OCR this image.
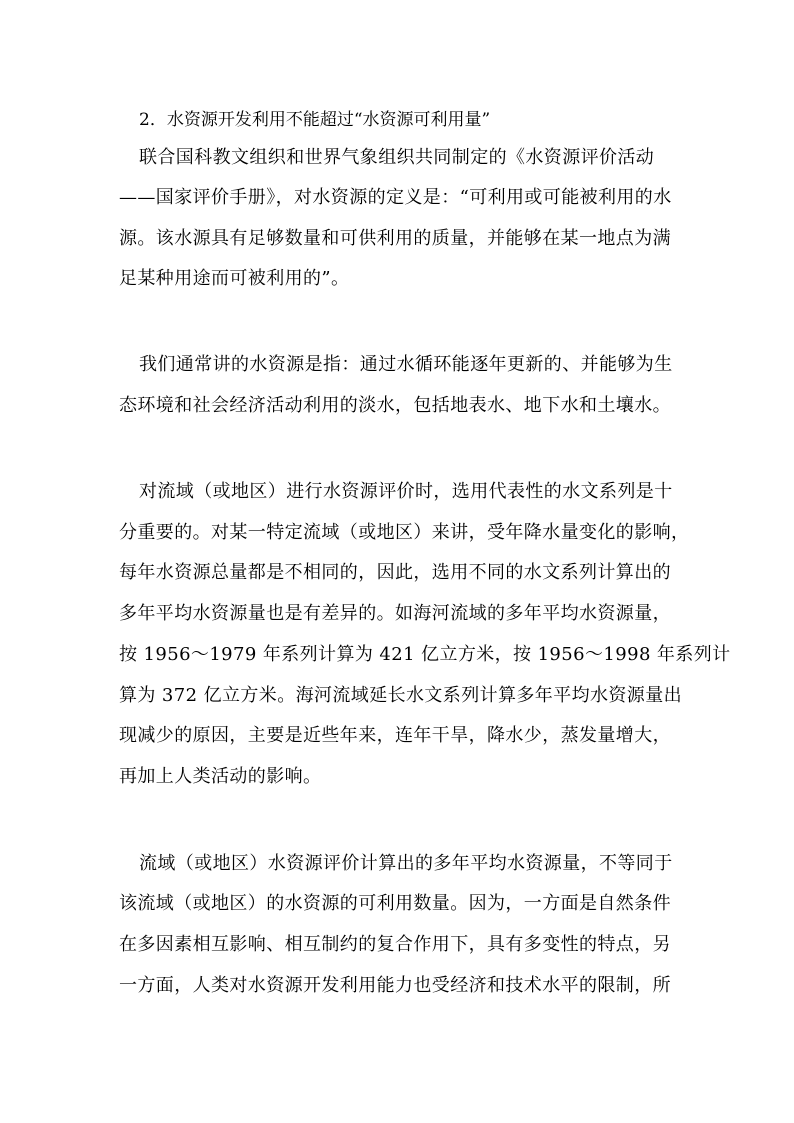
2．水资源开发利用不能超过“水资源可利用量”
联合国科教文组织和世界气象组织共同制定的《水资源评价活动
——国家评价手册》，对水资源的定义是：“可利用或可能被利用的水
源。该水源具有足够数量和可供利用的质量，并能够在某一地点为满
足某种用途而可被利用的”。
我们通常讲的水资源是指：通过水循环能逐年更新的、并能够为生
态环境和社会经济活动利用的淡水，包括地表水、地下水和土壤水。
对流域（或地区）进行水资源评价时，选用代表性的水文系列是十
分重要的。对某一特定流域（或地区）来讲，受年降水量变化的影响，
每年水资源总量都是不相同的，因此，选用不同的水文系列计算出的
多年平均水资源量也是有差异的。如海河流域的多年平均水资源量，
按 1956～1979 年系列计算为 421 亿立方米，按 1956～1998 年系列计
算为 372 亿立方米。海河流域延长水文系列计算多年平均水资源量出
现减少的原因，主要是近些年来，连年干旱，降水少，蒸发量增大，
再加上人类活动的影响。
流域（或地区）水资源评价计算出的多年平均水资源量，不等同于
该流域（或地区）的水资源的可利用数量。因为，一方面是自然条件
在多因素相互影响、相互制约的复合作用下，具有多变性的特点，另
一方面，人类对水资源开发利用能力也受经济和技术水平的限制，所
